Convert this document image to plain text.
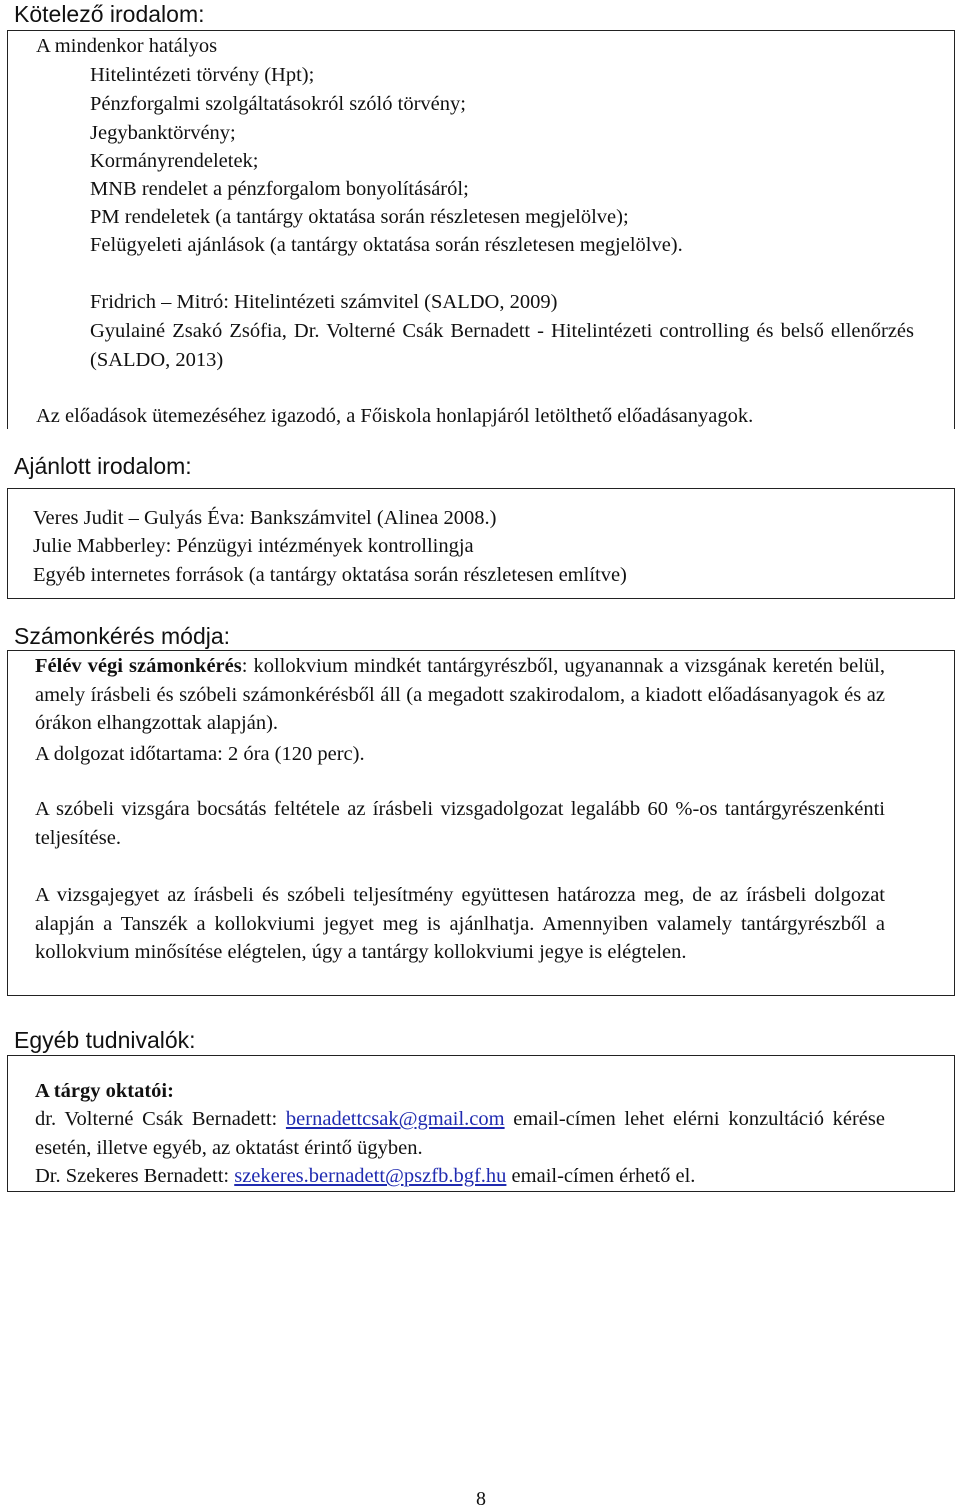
Kötelező irodalom:
A mindenkor hatályos
Hitelintézeti törvény (Hpt);
Pénzforgalmi szolgáltatásokról szóló törvény;
Jegybanktörvény;
Kormányrendeletek;
MNB rendelet a pénzforgalom bonyolításáról;
PM rendeletek (a tantárgy oktatása során részletesen megjelölve);
Felügyeleti ajánlások (a tantárgy oktatása során részletesen megjelölve).
Fridrich – Mitró: Hitelintézeti számvitel (SALDO, 2009)
Gyulainé Zsakó Zsófia, Dr. Volterné Csák Bernadett - Hitelintézeti controlling és belső ellenőrzés (SALDO, 2013)
Az előadások ütemezéséhez igazodó, a Főiskola honlapjáról letölthető előadásanyagok.
Ajánlott irodalom:
Veres Judit – Gulyás Éva: Bankszámvitel (Alinea 2008.)
Julie Mabberley: Pénzügyi intézmények kontrollingja
Egyéb internetes források (a tantárgy oktatása során részletesen említve)
Számonkérés módja:

Félév végi számonkérés: kollokvium mindkét tantárgyrészből, ugyanannak a vizsgának keretén belül, amely írásbeli és szóbeli számonkérésből áll (a megadott szakirodalom, a kiadott előadásanyagok és az órákon elhangzottak alapján).

A dolgozat időtartama: 2 óra (120 perc).
A szóbeli vizsgára bocsátás feltétele az írásbeli vizsgadolgozat legalább 60 %-os tantárgyrészenkénti teljesítése.
A vizsgajegyet az írásbeli és szóbeli teljesítmény együttesen határozza meg, de az írásbeli dolgozat alapján a Tanszék a kollokviumi jegyet meg is ajánlhatja. Amennyiben valamely tantárgyrészből a kollokvium minősítése elégtelen, úgy a tantárgy kollokviumi jegye is elégtelen.
Egyéb tudnivalók:
A tárgy oktatói:
dr. Volterné Csák Bernadett: bernadettcsak@gmail.com email-címen lehet elérni konzultáció kérése esetén, illetve egyéb, az oktatást érintő ügyben.
Dr. Szekeres Bernadett: szekeres.bernadett@pszfb.bgf.hu email-címen érhető el.
8
